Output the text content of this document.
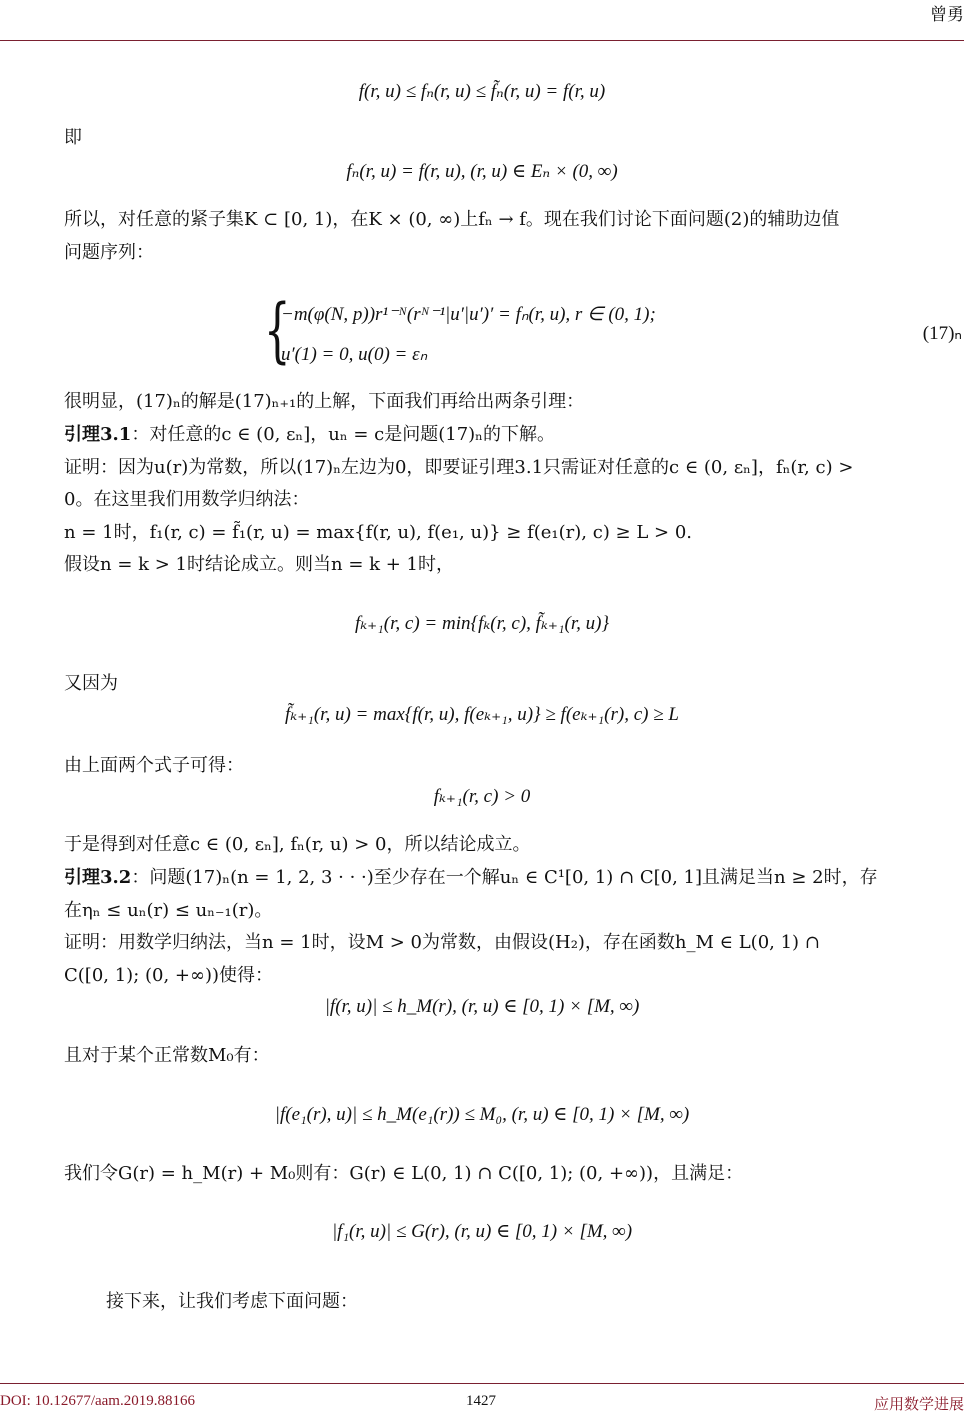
曾勇
f(r, u) ≤ fₙ(r, u) ≤ f̃ₙ(r, u) = f(r, u)
即
fₙ(r, u) = f(r, u), (r, u) ∈ Eₙ × (0, ∞)
所以，对任意的紧子集K ⊂ [0, 1)，在K × (0, ∞)上fₙ → f。现在我们讨论下面问题(2)的辅助边值
问题序列：
{
−m(φ(N, p))r¹⁻ᴺ(rᴺ⁻¹|u′|u′)′ = fₙ(r, u), r ∈ (0, 1);
u′(1) = 0, u(0) = εₙ
(17)ₙ
很明显，(17)ₙ的解是(17)ₙ₊₁的上解，下面我们再给出两条引理：
引理3.1：对任意的c ∈ (0, εₙ]，uₙ = c是问题(17)ₙ的下解。
证明：因为u(r)为常数，所以(17)ₙ左边为0，即要证引理3.1只需证对任意的c ∈ (0, εₙ]，fₙ(r, c) >
0。在这里我们用数学归纳法：
n = 1时，f₁(r, c) = f̃₁(r, u) = max{f(r, u), f(e₁, u)} ≥ f(e₁(r), c) ≥ L > 0.
假设n = k > 1时结论成立。则当n = k + 1时，
fₖ₊₁(r, c) = min{fₖ(r, c), f̃ₖ₊₁(r, u)}
又因为
f̃ₖ₊₁(r, u) = max{f(r, u), f(eₖ₊₁, u)} ≥ f(eₖ₊₁(r), c) ≥ L
由上面两个式子可得：
fₖ₊₁(r, c) > 0
于是得到对任意c ∈ (0, εₙ], fₙ(r, u) > 0，所以结论成立。
引理3.2：问题(17)ₙ(n = 1, 2, 3 · · ·)至少存在一个解uₙ ∈ C¹[0, 1) ∩ C[0, 1]且满足当n ≥ 2时，存
在ηₙ ≤ uₙ(r) ≤ uₙ₋₁(r)。
证明：用数学归纳法，当n = 1时，设M > 0为常数，由假设(H₂)，存在函数h_M ∈ L(0, 1) ∩
C([0, 1); (0, +∞))使得：
|f(r, u)| ≤ h_M(r), (r, u) ∈ [0, 1) × [M, ∞)
且对于某个正常数M₀有：
|f(e₁(r), u)| ≤ h_M(e₁(r)) ≤ M₀, (r, u) ∈ [0, 1) × [M, ∞)
我们令G(r) = h_M(r) + M₀则有：G(r) ∈ L(0, 1) ∩ C([0, 1); (0, +∞))，且满足：
|f₁(r, u)| ≤ G(r), (r, u) ∈ [0, 1) × [M, ∞)
接下来，让我们考虑下面问题：
DOI: 10.12677/aam.2019.88166	1427	应用数学进展
